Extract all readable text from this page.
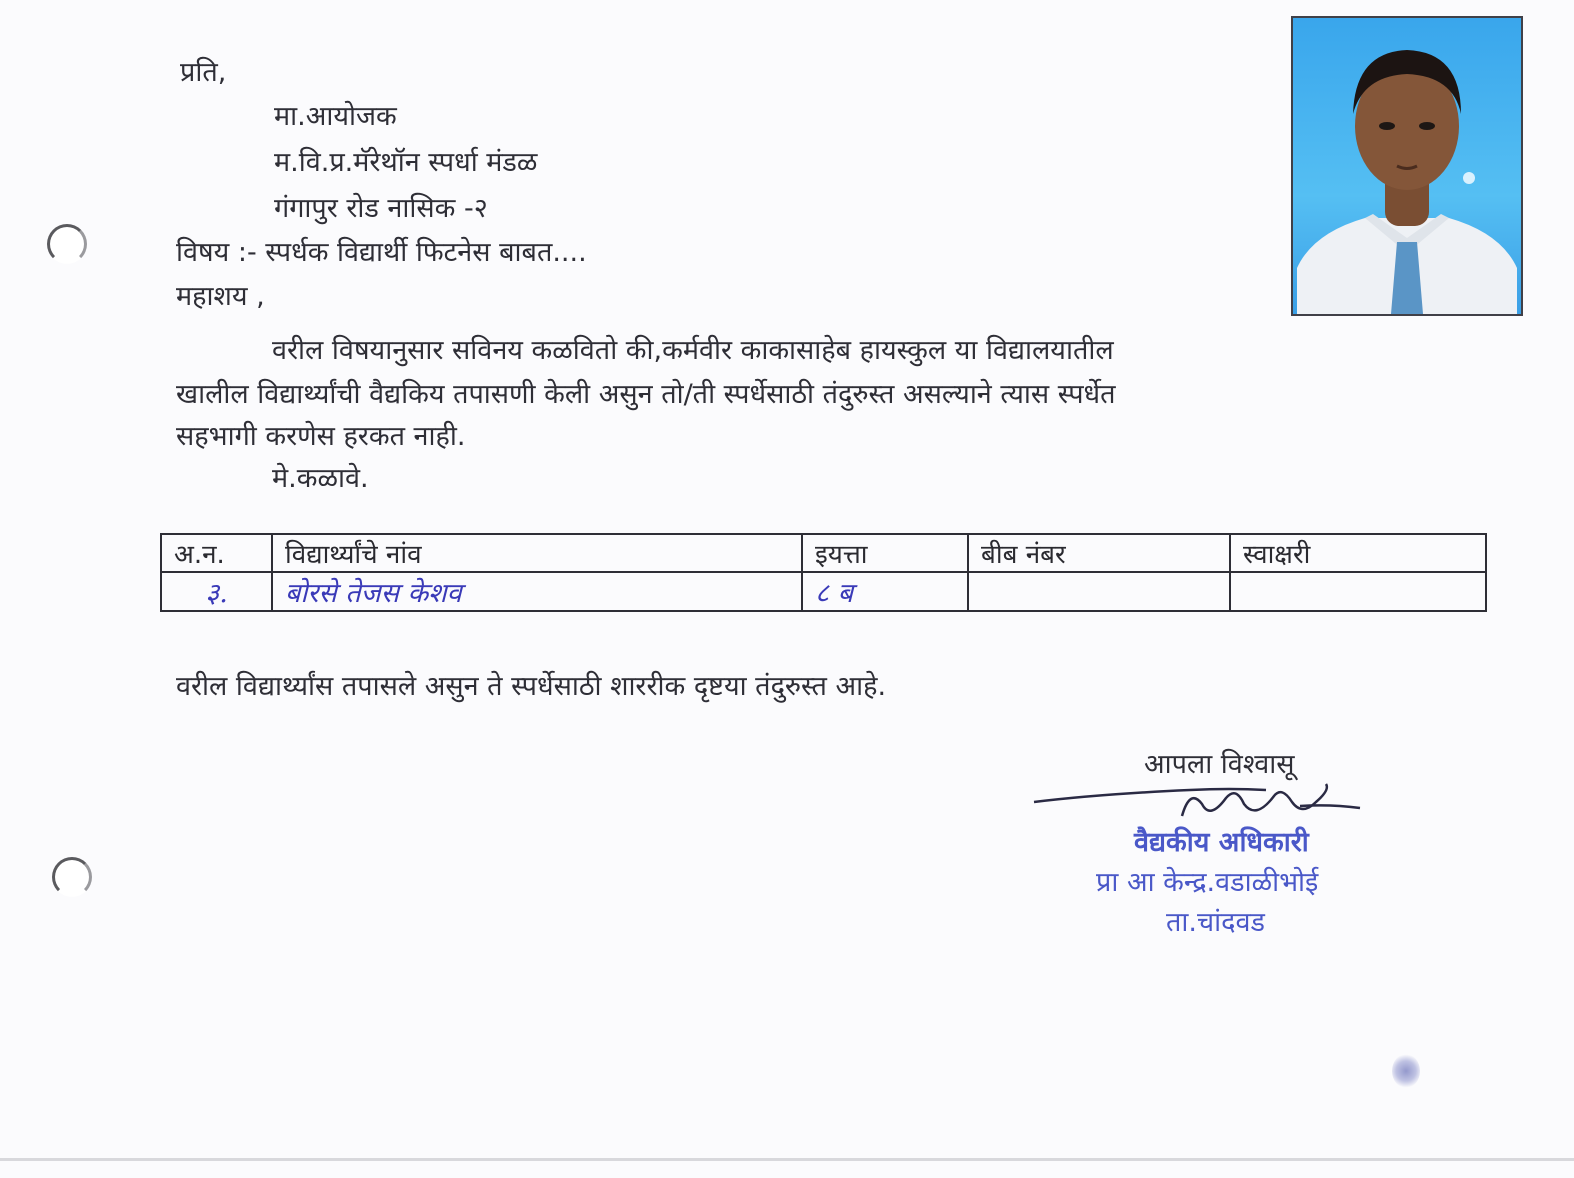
प्रति,
मा.आयोजक
म.वि.प्र.मॅरेथॉन स्पर्धा मंडळ
गंगापुर रोड नासिक -२
विषय :- स्पर्धक विद्यार्थी फिटनेस बाबत....
महाशय ,
वरील विषयानुसार सविनय कळवितो की,कर्मवीर काकासाहेब हायस्कुल या विद्यालयातील
खालील विद्यार्थ्यांची वैद्यकिय तपासणी केली असुन तो/ती स्पर्धेसाठी तंदुरुस्त असल्याने त्यास स्पर्धेत
सहभागी करणेस हरकत नाही.
मे.कळावे.
अ.न.	विद्यार्थ्यांचे नांव	इयत्ता	बीब नंबर	स्वाक्षरी
३.	बोरसे तेजस केशव	८ ब		
वरील विद्यार्थ्यांस तपासले असुन ते स्पर्धेसाठी शाररीक दृष्टया तंदुरुस्त आहे.
आपला विश्वासू
वैद्यकीय अधिकारी
प्रा आ केन्द्र.वडाळीभोई
ता.चांदवड
